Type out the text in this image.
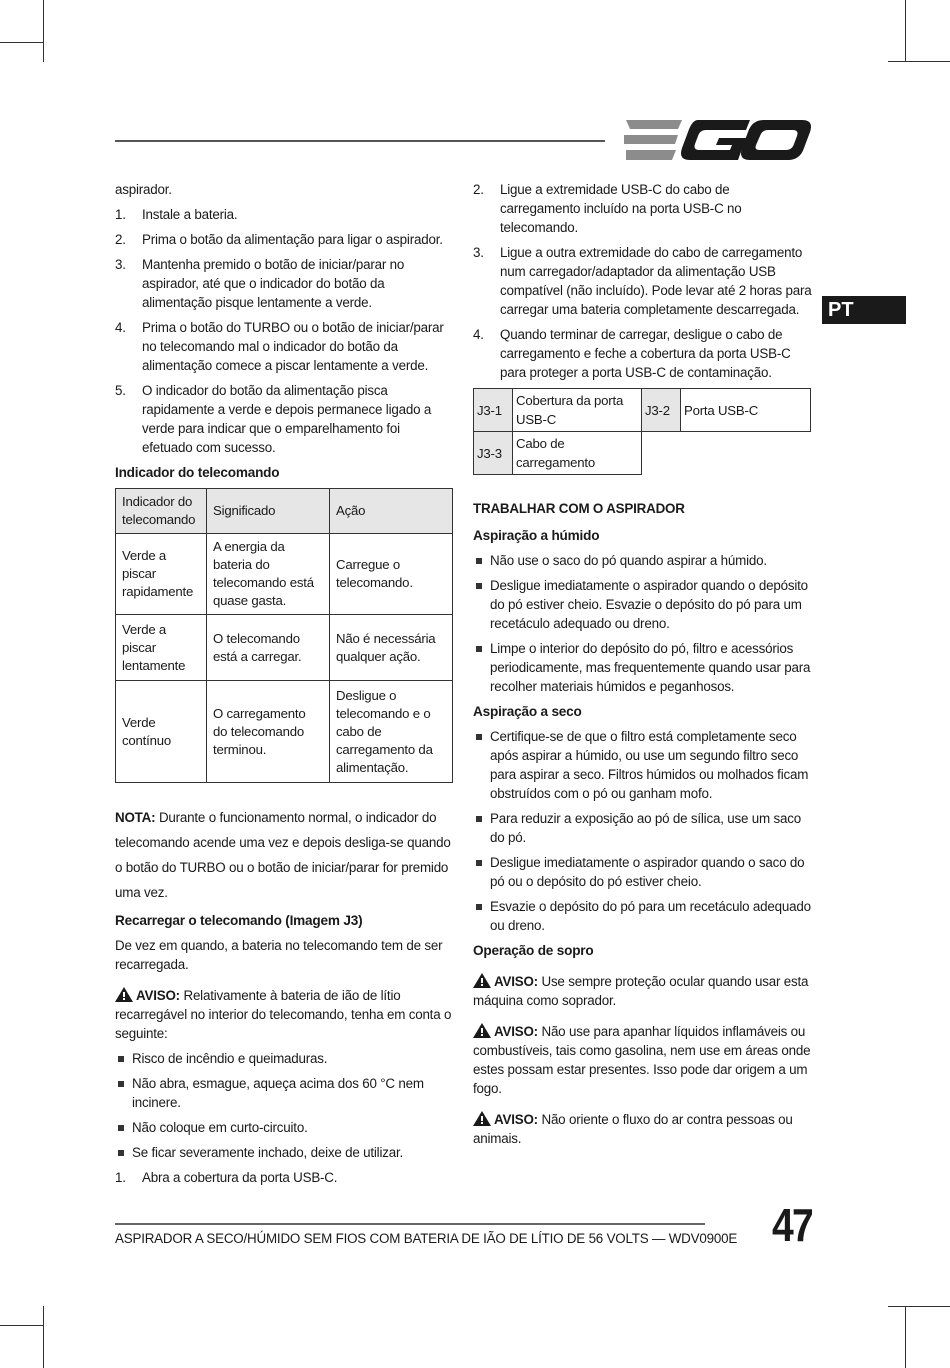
PT

aspirador.

1.	Instale a bateria.
2.	Prima o botão da alimentação para ligar o aspirador.
3.	Mantenha premido o botão de iniciar/parar no aspirador, até que o indicador do botão da alimentação pisque lentamente a verde.
4.	Prima o botão do TURBO ou o botão de iniciar/parar no telecomando mal o indicador do botão da alimentação comece a piscar lentamente a verde.
5.	O indicador do botão da alimentação pisca rapidamente a verde e depois permanece ligado a verde para indicar que o emparelhamento foi efetuado com sucesso.
Indicador do telecomando
Indicador do telecomando	Significado	Ação
Verde a piscar rapidamente	A energia da bateria do telecomando está quase gasta.	Carregue o telecomando.
Verde a piscar lentamente	O telecomando está a carregar.	Não é necessária qualquer ação.
Verde contínuo	O carregamento do telecomando terminou.	Desligue o telecomando e o cabo de carregamento da alimentação.

NOTA: Durante o funcionamento normal, o indicador do telecomando acende uma vez e depois desliga-se quando o botão do TURBO ou o botão de iniciar/parar for premido uma vez.

Recarregar o telecomando (Imagem J3)

De vez em quando, a bateria no telecomando tem de ser recarregada.

AVISO: Relativamente à bateria de ião de lítio recarregável no interior do telecomando, tenha em conta o seguinte:

Risco de incêndio e queimaduras.
Não abra, esmague, aqueça acima dos 60 °C nem incinere.
Não coloque em curto-circuito.
Se ficar severamente inchado, deixe de utilizar.
1.	Abra a cobertura da porta USB-C.
2.	Ligue a extremidade USB-C do cabo de carregamento incluído na porta USB-C no telecomando.
3.	Ligue a outra extremidade do cabo de carregamento num carregador/adaptador da alimentação USB compatível (não incluído). Pode levar até 2 horas para carregar uma bateria completamente descarregada.
4.	Quando terminar de carregar, desligue o cabo de carregamento e feche a cobertura da porta USB-C para proteger a porta USB-C de contaminação.
J3-1	Cobertura da porta USB-C	J3-2	Porta USB-C
J3-3	Cabo de carregamento		
TRABALHAR COM O ASPIRADOR
Aspiração a húmido
Não use o saco do pó quando aspirar a húmido.
Desligue imediatamente o aspirador quando o depósito do pó estiver cheio. Esvazie o depósito do pó para um recetáculo adequado ou dreno.
Limpe o interior do depósito do pó, filtro e acessórios periodicamente, mas frequentemente quando usar para recolher materiais húmidos e peganhosos.
Aspiração a seco
Certifique-se de que o filtro está completamente seco após aspirar a húmido, ou use um segundo filtro seco para aspirar a seco. Filtros húmidos ou molhados ficam obstruídos com o pó ou ganham mofo.
Para reduzir a exposição ao pó de sílica, use um saco do pó.
Desligue imediatamente o aspirador quando o saco do pó ou o depósito do pó estiver cheio.
Esvazie o depósito do pó para um recetáculo adequado ou dreno.
Operação de sopro

AVISO: Use sempre proteção ocular quando usar esta máquina como soprador.

AVISO: Não use para apanhar líquidos inflamáveis ou combustíveis, tais como gasolina, nem use em áreas onde estes possam estar presentes. Isso pode dar origem a um fogo.

AVISO: Não oriente o fluxo do ar contra pessoas ou animais.

ASPIRADOR A SECO/HÚMIDO SEM FIOS COM BATERIA DE IÃO DE LÍTIO DE 56 VOLTS — WDV0900E 47
